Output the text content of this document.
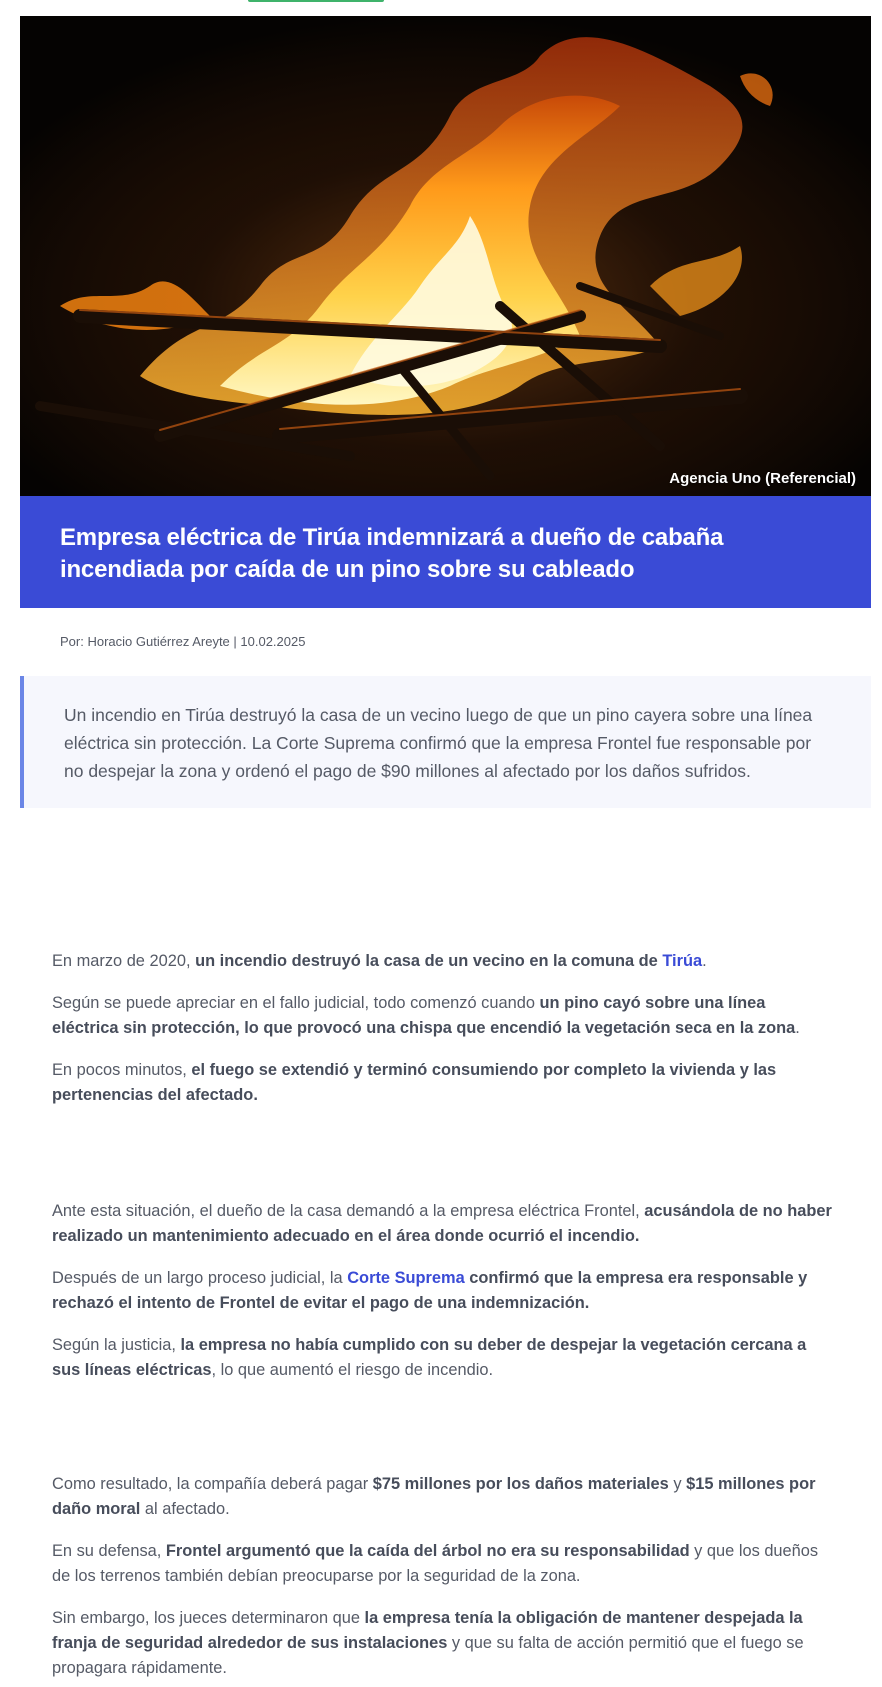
Agencia Uno (Referencial)
Empresa eléctrica de Tirúa indemnizará a dueño de cabaña incendiada por caída de un pino sobre su cableado
Por: Horacio Gutiérrez Areyte | 10.02.2025

Un incendio en Tirúa destruyó la casa de un vecino luego de que un pino cayera sobre una línea eléctrica sin protección. La Corte Suprema confirmó que la empresa Frontel fue responsable por no despejar la zona y ordenó el pago de $90 millones al afectado por los daños sufridos.

En marzo de 2020, un incendio destruyó la casa de un vecino en la comuna de Tirúa.

Según se puede apreciar en el fallo judicial, todo comenzó cuando un pino cayó sobre una línea eléctrica sin protección, lo que provocó una chispa que encendió la vegetación seca en la zona.

En pocos minutos, el fuego se extendió y terminó consumiendo por completo la vivienda y las pertenencias del afectado.

Ante esta situación, el dueño de la casa demandó a la empresa eléctrica Frontel, acusándola de no haber realizado un mantenimiento adecuado en el área donde ocurrió el incendio.

Después de un largo proceso judicial, la Corte Suprema confirmó que la empresa era responsable y rechazó el intento de Frontel de evitar el pago de una indemnización.

Según la justicia, la empresa no había cumplido con su deber de despejar la vegetación cercana a sus líneas eléctricas, lo que aumentó el riesgo de incendio.

Como resultado, la compañía deberá pagar $75 millones por los daños materiales y $15 millones por daño moral al afectado.

En su defensa, Frontel argumentó que la caída del árbol no era su responsabilidad y que los dueños de los terrenos también debían preocuparse por la seguridad de la zona.

Sin embargo, los jueces determinaron que la empresa tenía la obligación de mantener despejada la franja de seguridad alrededor de sus instalaciones y que su falta de acción permitió que el fuego se propagara rápidamente.
